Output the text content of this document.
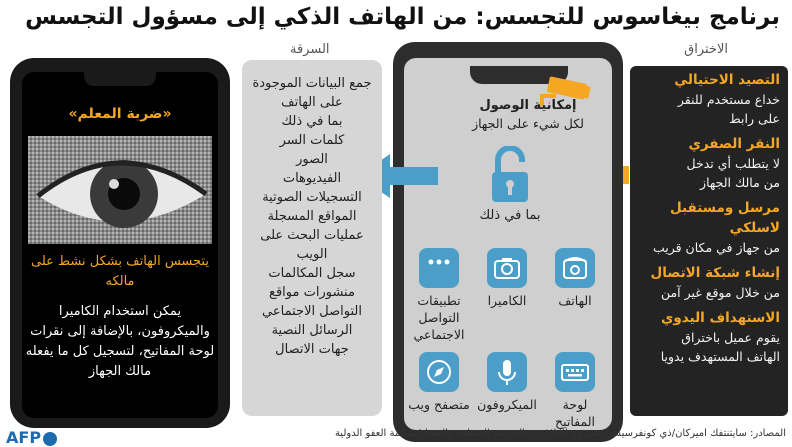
برنامج بيغاسوس للتجسس: من الهاتف الذكي إلى مسؤول التجسس
الاختراق
السرقة
التصيد الاحتيالي
خداع مستخدم للنقر
على رابط
النقر الصفري
لا يتطلب أي تدخل
من مالك الجهاز
مرسل ومستقبل لاسلكي
من جهاز في مكان قريب
إنشاء شبكة الاتصال
من خلال موقع غير آمن
الاستهداف اليدوي
يقوم عميل باختراق
الهاتف المستهدف يدويا
إمكانية الوصول
لكل شيء على الجهاز
بما في ذلك
الهاتف
الكاميرا
تطبيقات التواصل الاجتماعي
لوحة المفاتيح
الميكروفون
متصفح ويب
جمع البيانات الموجودة على الهاتف
بما في ذلك
كلمات السر
الصور
الفيديوهات
التسجيلات الصوتية
المواقع المسجلة
عمليات البحث على الويب
سجل المكالمات
منشورات مواقع التواصل الاجتماعي
الرسائل النصية
جهات الاتصال
«ضربة المعلم»
يتجسس الهاتف بشكل نشط على مالكه
يمكن استخدام الكاميرا والميكروفون، بالإضافة إلى نقرات لوحة المفاتيح، لتسجيل كل ما يفعله مالك الجهاز
المصادر: سايتنتفك أميركان/ذي كونفرسيشن/مشروع الابلاغ عن الجريمة المنظمة والفساد/منظمة العفو الدولية
AFP
